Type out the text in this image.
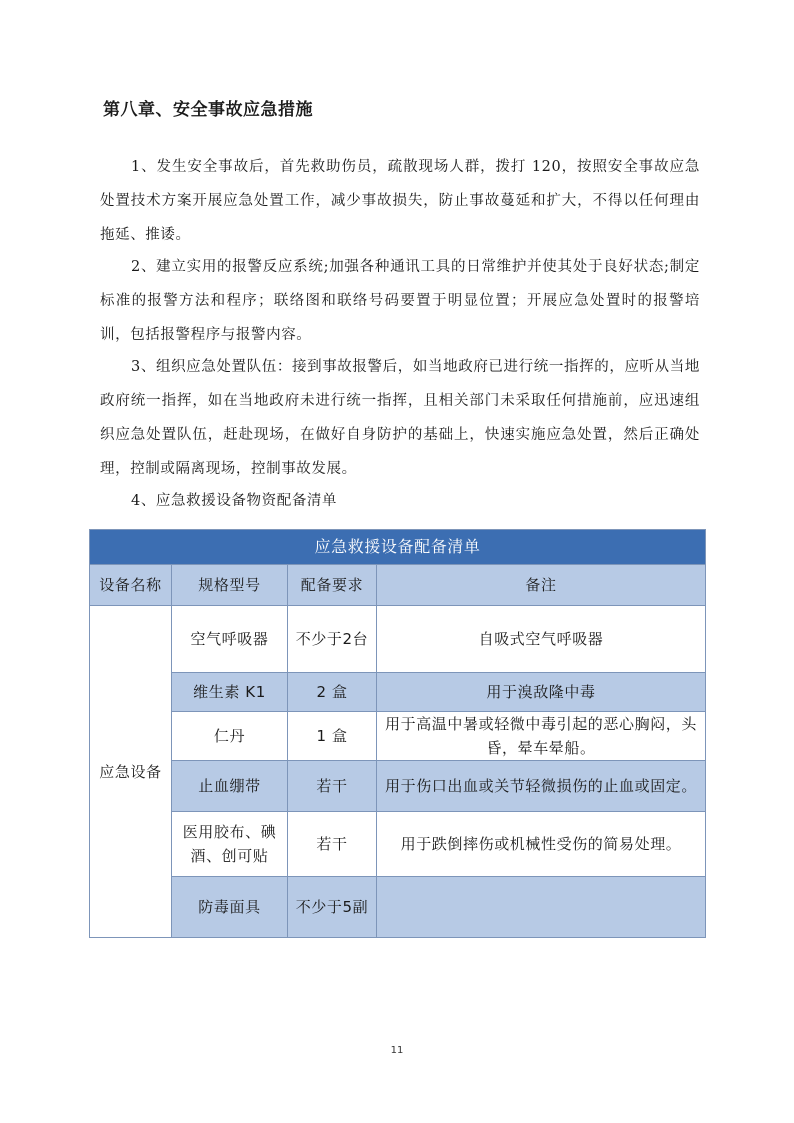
第八章、安全事故应急措施

1、发生安全事故后，首先救助伤员，疏散现场人群，拨打 120，按照安全事故应急处置技术方案开展应急处置工作，减少事故损失，防止事故蔓延和扩大，不得以任何理由拖延、推诿。

2、建立实用的报警反应系统;加强各种通讯工具的日常维护并使其处于良好状态;制定标准的报警方法和程序；联络图和联络号码要置于明显位置；开展应急处置时的报警培训，包括报警程序与报警内容。

3、组织应急处置队伍：接到事故报警后，如当地政府已进行统一指挥的，应听从当地政府统一指挥，如在当地政府未进行统一指挥，且相关部门未采取任何措施前，应迅速组织应急处置队伍，赶赴现场，在做好自身防护的基础上，快速实施应急处置，然后正确处理，控制或隔离现场，控制事故发展。

4、应急救援设备物资配备清单

应急救援设备配备清单			
设备名称	规格型号	配备要求	备注
应急设备	空气呼吸器	不少于2台	自吸式空气呼吸器
	维生素 K1	2 盒	用于溴敌隆中毒
	仁丹	1 盒	用于高温中暑或轻微中毒引起的恶心胸闷，头昏，晕车晕船。
	止血绷带	若干	用于伤口出血或关节轻微损伤的止血或固定。
	医用胶布、碘酒、创可贴	若干	用于跌倒摔伤或机械性受伤的简易处理。
	防毒面具	不少于5副	
11
